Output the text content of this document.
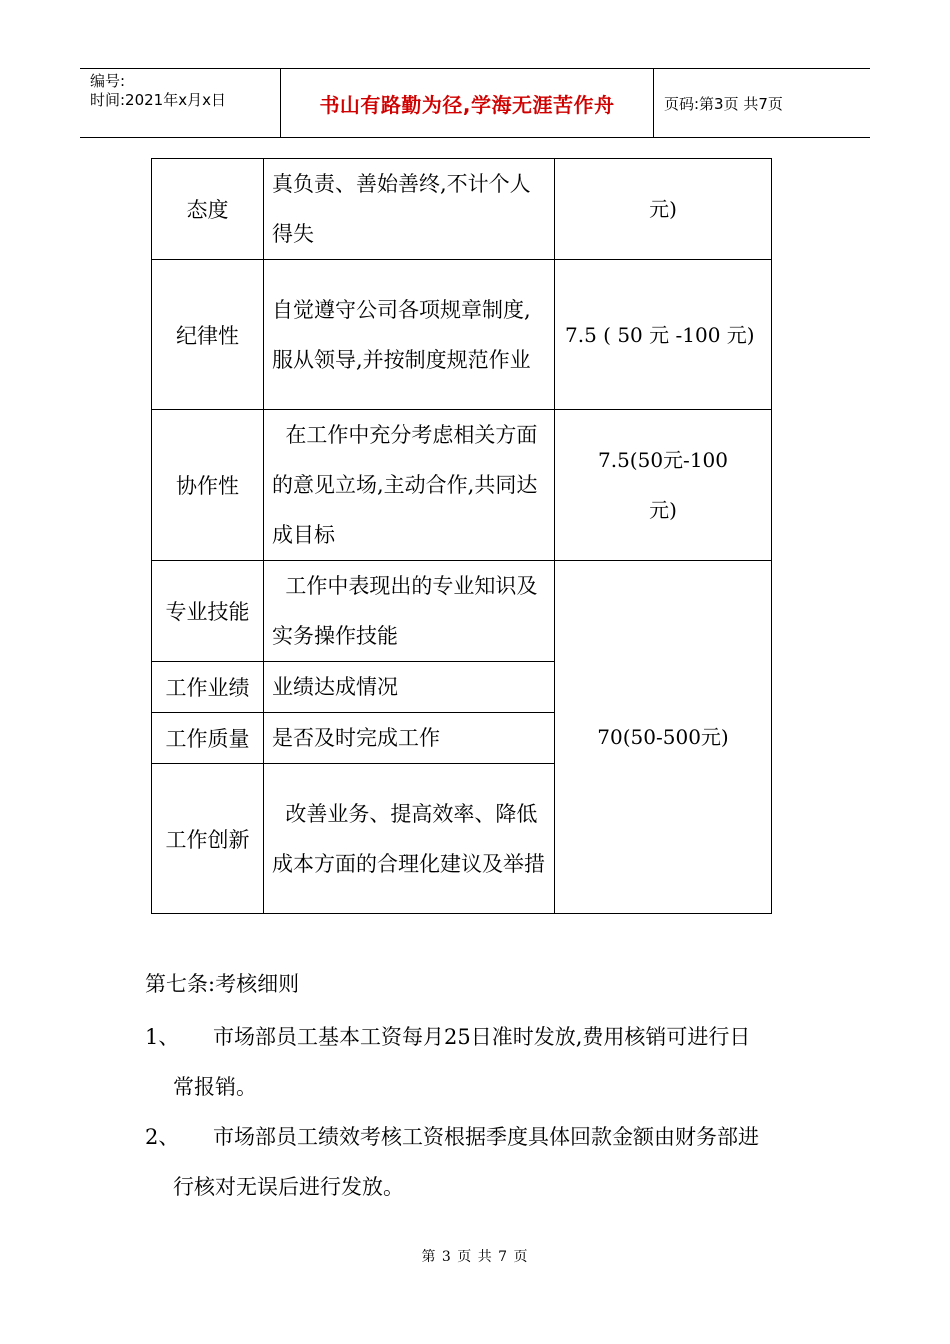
编号:
时间:2021年x月x日	书山有路勤为径,学海无涯苦作舟	页码:第3页 共7页
态度	真负责、善始善终,不计个人得失	元)
纪律性	自觉遵守公司各项规章制度,服从领导,并按制度规范作业	7.5 ( 50 元 -100 元)
协作性	在工作中充分考虑相关方面的意见立场,主动合作,共同达成目标	7.5(50元-100元)
专业技能	工作中表现出的专业知识及实务操作技能	70(50-500元)
工作业绩	业绩达成情况	
工作质量	是否及时完成工作	
工作创新	改善业务、提高效率、降低成本方面的合理化建议及举措	
第七条:考核细则
1、 市场部员工基本工资每月25日准时发放,费用核销可进行日
常报销。
2、 市场部员工绩效考核工资根据季度具体回款金额由财务部进
行核对无误后进行发放。
第 3 页 共 7 页
